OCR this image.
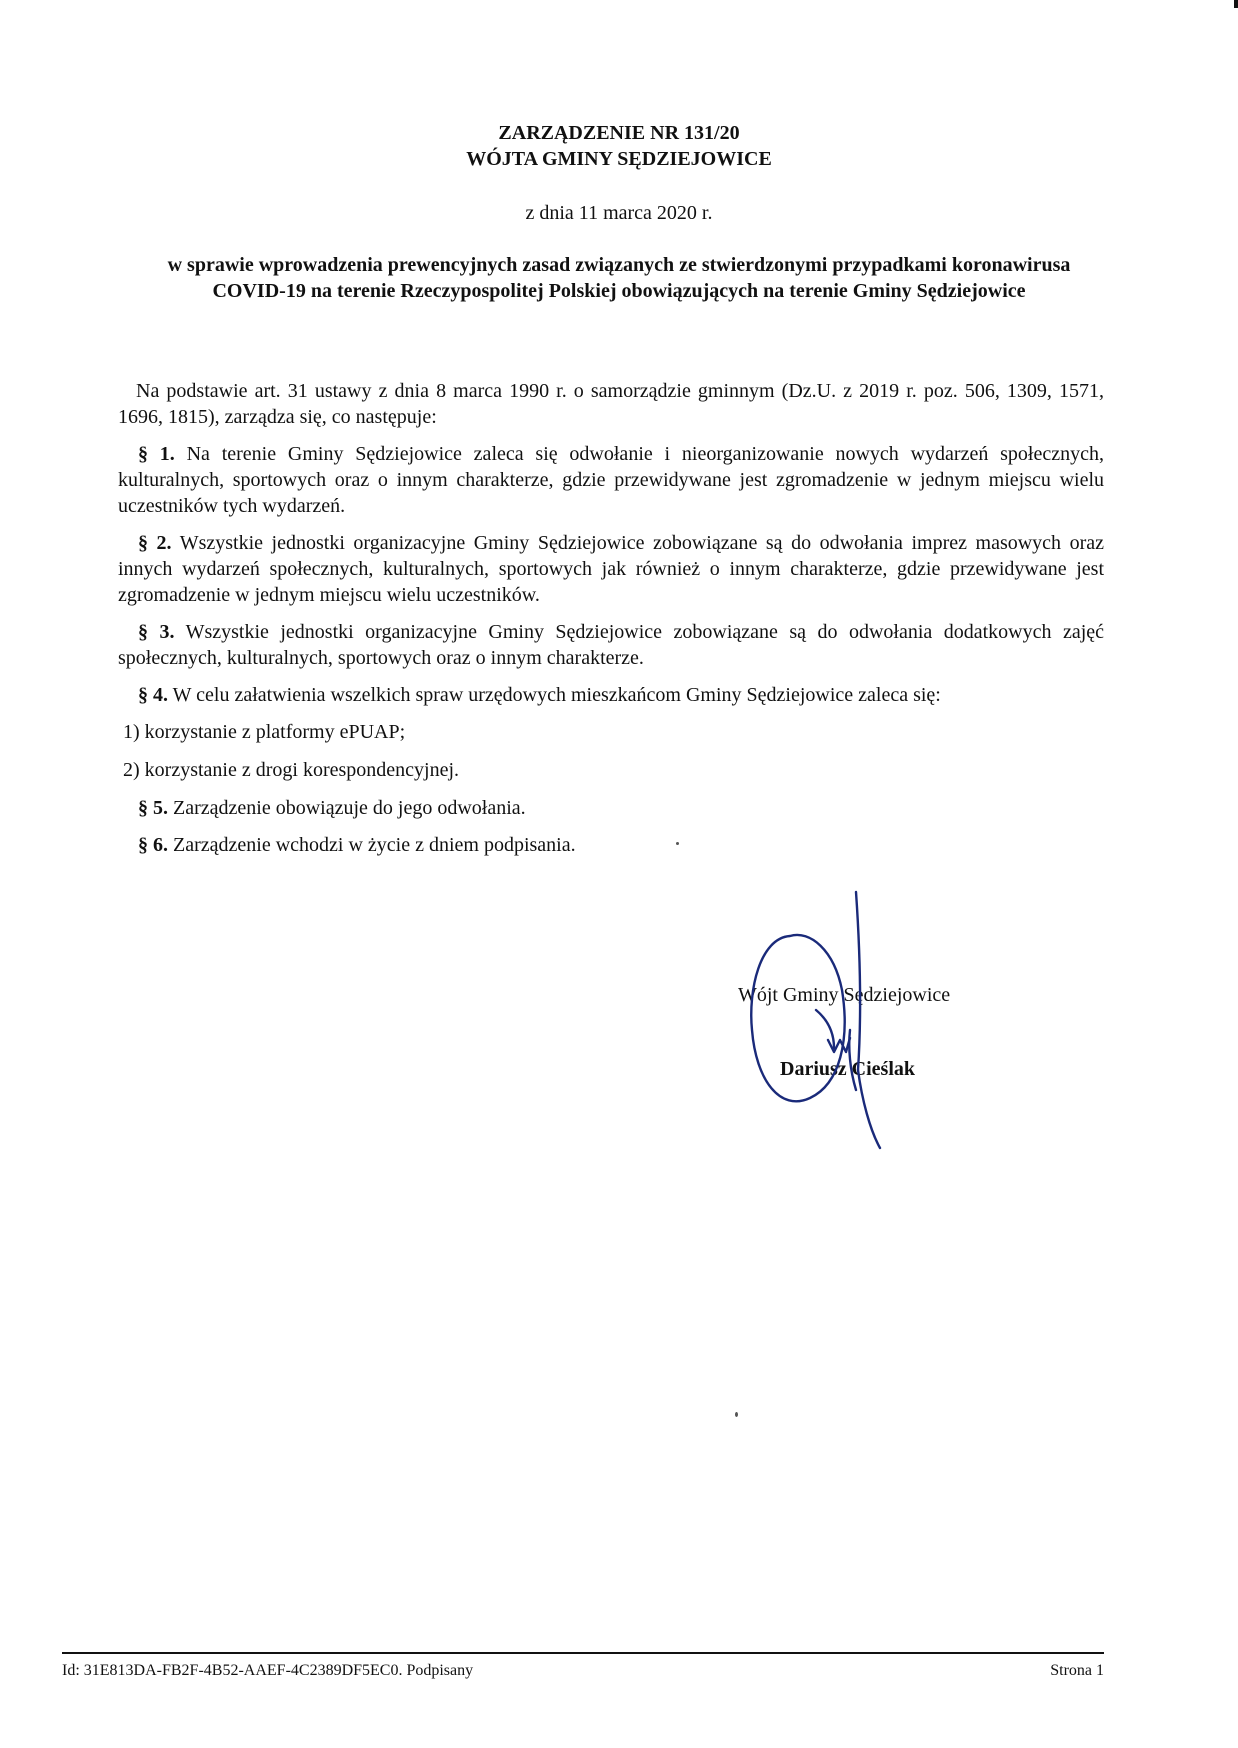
ZARZĄDZENIE NR 131/20
WÓJTA GMINY SĘDZIEJOWICE
z dnia 11 marca 2020 r.
w sprawie wprowadzenia prewencyjnych zasad związanych ze stwierdzonymi przypadkami koronawirusa COVID-19 na terenie Rzeczypospolitej Polskiej obowiązujących na terenie Gminy Sędziejowice

Na podstawie art. 31 ustawy z dnia 8 marca 1990 r. o samorządzie gminnym (Dz.U. z 2019 r. poz. 506, 1309, 1571, 1696, 1815), zarządza się, co następuje:

§ 1. Na terenie Gminy Sędziejowice zaleca się odwołanie i nieorganizowanie nowych wydarzeń społecznych, kulturalnych, sportowych oraz o innym charakterze, gdzie przewidywane jest zgromadzenie w jednym miejscu wielu uczestników tych wydarzeń.

§ 2. Wszystkie jednostki organizacyjne Gminy Sędziejowice zobowiązane są do odwołania imprez masowych oraz innych wydarzeń społecznych, kulturalnych, sportowych jak również o innym charakterze, gdzie przewidywane jest zgromadzenie w jednym miejscu wielu uczestników.

§ 3. Wszystkie jednostki organizacyjne Gminy Sędziejowice zobowiązane są do odwołania dodatkowych zajęć społecznych, kulturalnych, sportowych oraz o innym charakterze.

§ 4. W celu załatwienia wszelkich spraw urzędowych mieszkańcom Gminy Sędziejowice zaleca się:

1) korzystanie z platformy ePUAP;

2) korzystanie z drogi korespondencyjnej.

§ 5. Zarządzenie obowiązuje do jego odwołania.

§ 6. Zarządzenie wchodzi w życie z dniem podpisania.

Wójt Gminy Sędziejowice
Dariusz Cieślak
Id: 31E813DA-FB2F-4B52-AAEF-4C2389DF5EC0. Podpisany	Strona 1
